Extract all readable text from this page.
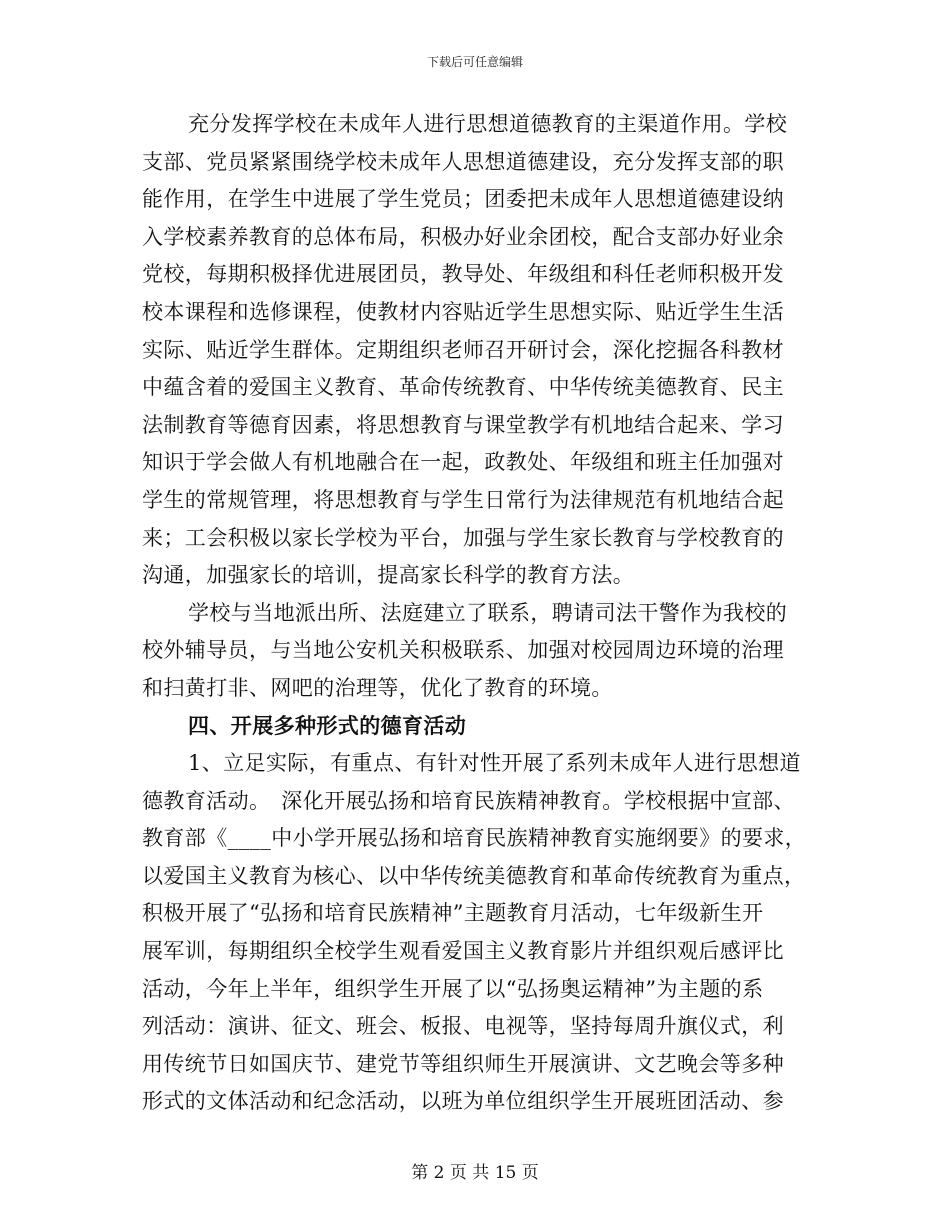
下载后可任意编辑
充分发挥学校在未成年人进行思想道德教育的主渠道作用。学校
支部、党员紧紧围绕学校未成年人思想道德建设，充分发挥支部的职
能作用，在学生中进展了学生党员；团委把未成年人思想道德建设纳
入学校素养教育的总体布局，积极办好业余团校，配合支部办好业余
党校，每期积极择优进展团员，教导处、年级组和科任老师积极开发
校本课程和选修课程，使教材内容贴近学生思想实际、贴近学生生活
实际、贴近学生群体。定期组织老师召开研讨会，深化挖掘各科教材
中蕴含着的爱国主义教育、革命传统教育、中华传统美德教育、民主
法制教育等德育因素，将思想教育与课堂教学有机地结合起来、学习
知识于学会做人有机地融合在一起，政教处、年级组和班主任加强对
学生的常规管理，将思想教育与学生日常行为法律规范有机地结合起
来；工会积极以家长学校为平台，加强与学生家长教育与学校教育的
沟通，加强家长的培训，提高家长科学的教育方法。
学校与当地派出所、法庭建立了联系，聘请司法干警作为我校的
校外辅导员，与当地公安机关积极联系、加强对校园周边环境的治理
和扫黄打非、网吧的治理等，优化了教育的环境。
四、开展多种形式的德育活动
1、立足实际，有重点、有针对性开展了系列未成年人进行思想道
德教育活动。　深化开展弘扬和培育民族精神教育。学校根据中宣部、
教育部《____中小学开展弘扬和培育民族精神教育实施纲要》的要求，
以爱国主义教育为核心、以中华传统美德教育和革命传统教育为重点，
积极开展了“弘扬和培育民族精神”主题教育月活动，七年级新生开
展军训，每期组织全校学生观看爱国主义教育影片并组织观后感评比
活动，今年上半年，组织学生开展了以“弘扬奥运精神”为主题的系
列活动：演讲、征文、班会、板报、电视等，坚持每周升旗仪式，利
用传统节日如国庆节、建党节等组织师生开展演讲、文艺晚会等多种
形式的文体活动和纪念活动，以班为单位组织学生开展班团活动、参
第 2 页 共 15 页
